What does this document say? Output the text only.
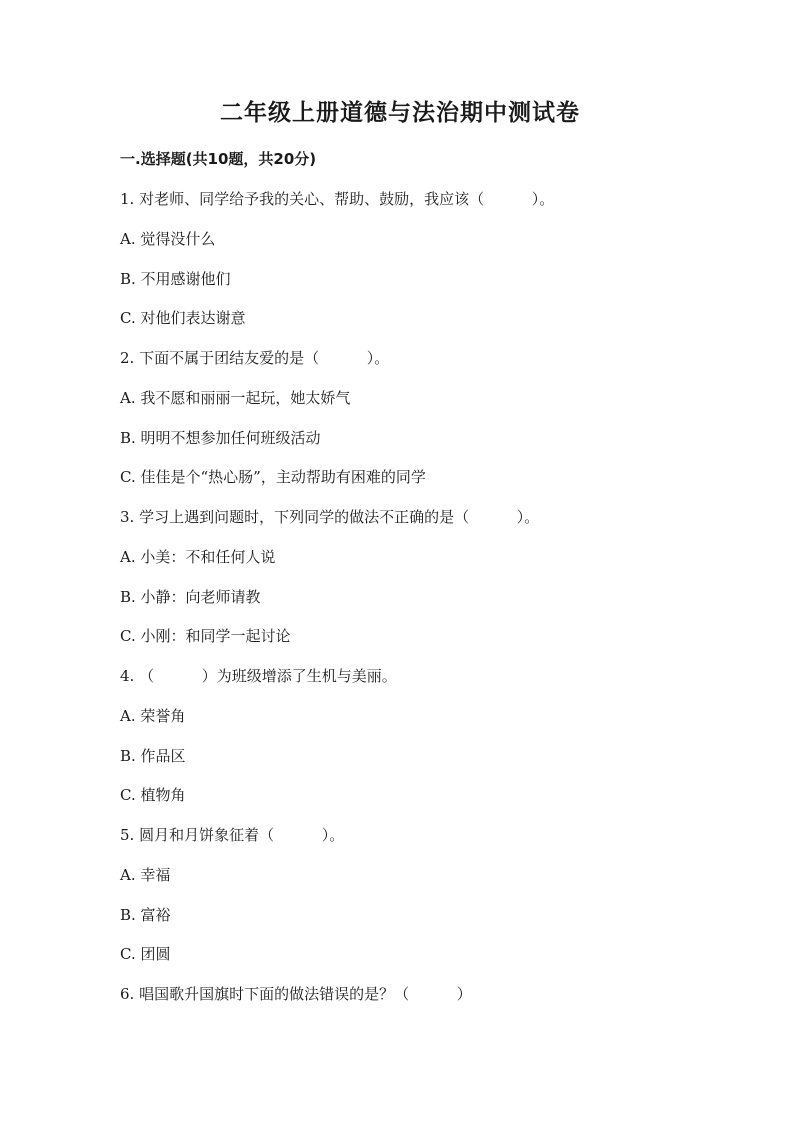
二年级上册道德与法治期中测试卷
一.选择题(共10题，共20分)
1. 对老师、同学给予我的关心、帮助、鼓励，我应该（          ）。
A. 觉得没什么
B. 不用感谢他们
C. 对他们表达谢意
2. 下面不属于团结友爱的是（          ）。
A. 我不愿和丽丽一起玩，她太娇气
B. 明明不想参加任何班级活动
C. 佳佳是个“热心肠”，主动帮助有困难的同学
3. 学习上遇到问题时，下列同学的做法不正确的是（          ）。
A. 小美：不和任何人说
B. 小静：向老师请教
C. 小刚：和同学一起讨论
4. （          ）为班级增添了生机与美丽。
A. 荣誉角
B. 作品区
C. 植物角
5. 圆月和月饼象征着（          ）。
A. 幸福
B. 富裕
C. 团圆
6. 唱国歌升国旗时下面的做法错误的是？（          ）
